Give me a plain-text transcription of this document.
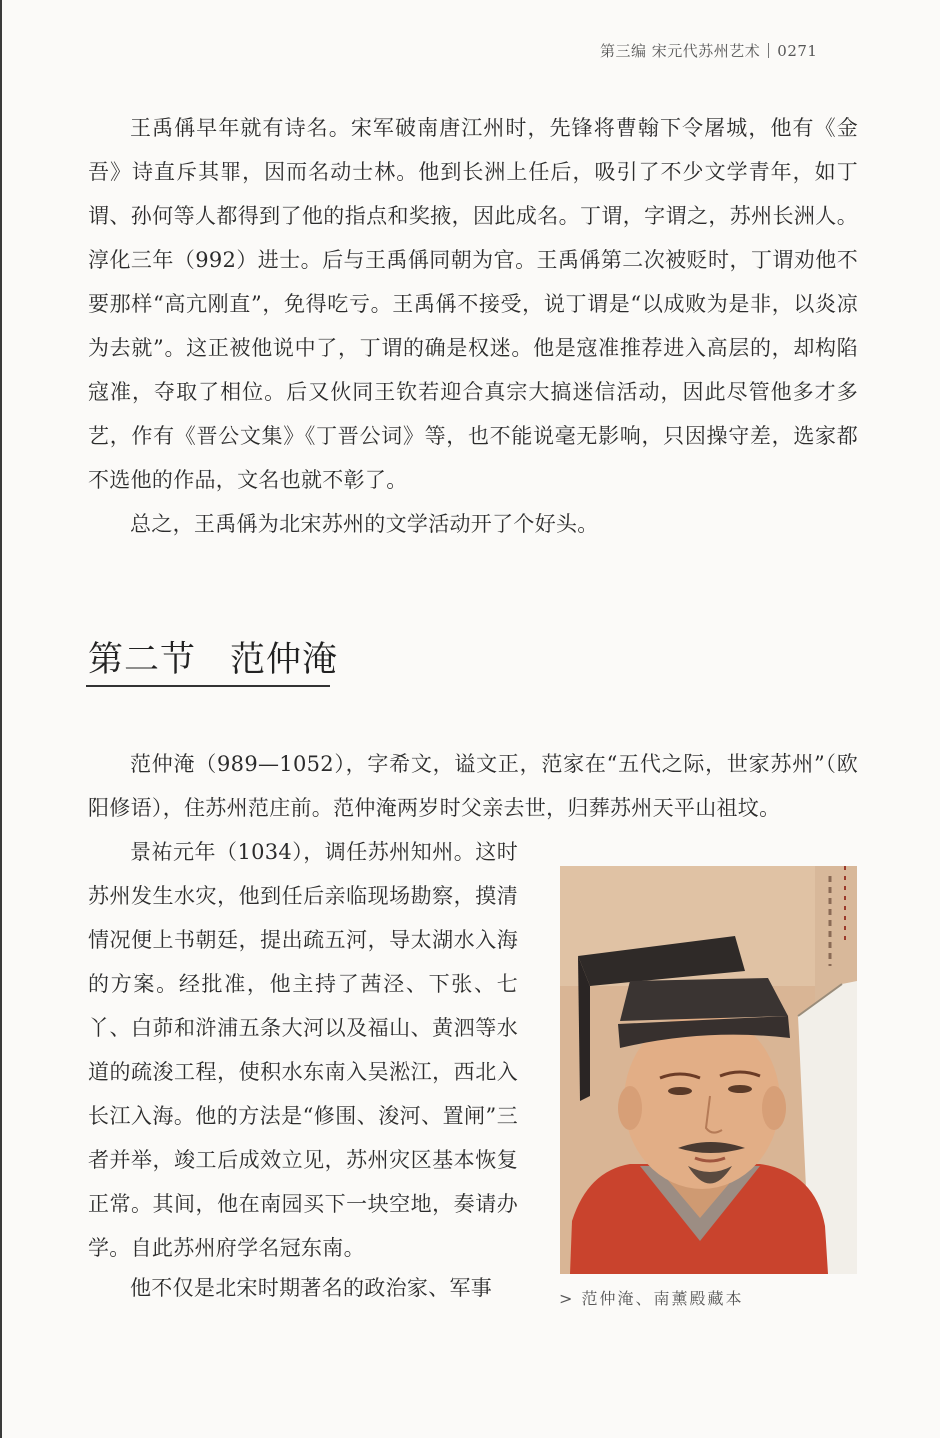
第三编 宋元代苏州艺术 0271

王禹偁早年就有诗名。宋军破南唐江州时，先锋将曹翰下令屠城，他有《金吾》诗直斥其罪，因而名动士林。他到长洲上任后，吸引了不少文学青年，如丁谓、孙何等人都得到了他的指点和奖掖，因此成名。丁谓，字谓之，苏州长洲人。淳化三年（992）进士。后与王禹偁同朝为官。王禹偁第二次被贬时，丁谓劝他不要那样“高亢刚直”，免得吃亏。王禹偁不接受，说丁谓是“以成败为是非，以炎凉为去就”。这正被他说中了，丁谓的确是权迷。他是寇准推荐进入高层的，却构陷寇准，夺取了相位。后又伙同王钦若迎合真宗大搞迷信活动，因此尽管他多才多艺，作有《晋公文集》《丁晋公词》等，也不能说毫无影响，只因操守差，选家都不选他的作品，文名也就不彰了。

总之，王禹偁为北宋苏州的文学活动开了个好头。

第二节 范仲淹

范仲淹（989—1052），字希文，谥文正，范家在“五代之际，世家苏州”（欧阳修语），住苏州范庄前。范仲淹两岁时父亲去世，归葬苏州天平山祖坟。

景祐元年（1034），调任苏州知州。这时苏州发生水灾，他到任后亲临现场勘察，摸清情况便上书朝廷，提出疏五河，导太湖水入海的方案。经批准，他主持了茜泾、下张、七丫、白茆和浒浦五条大河以及福山、黄泗等水道的疏浚工程，使积水东南入吴淞江，西北入长江入海。他的方法是“修围、浚河、置闸”三者并举，竣工后成效立见，苏州灾区基本恢复正常。其间，他在南园买下一块空地，奏请办学。自此苏州府学名冠东南。

他不仅是北宋时期著名的政治家、军事	> 范仲淹、南薰殿藏本
